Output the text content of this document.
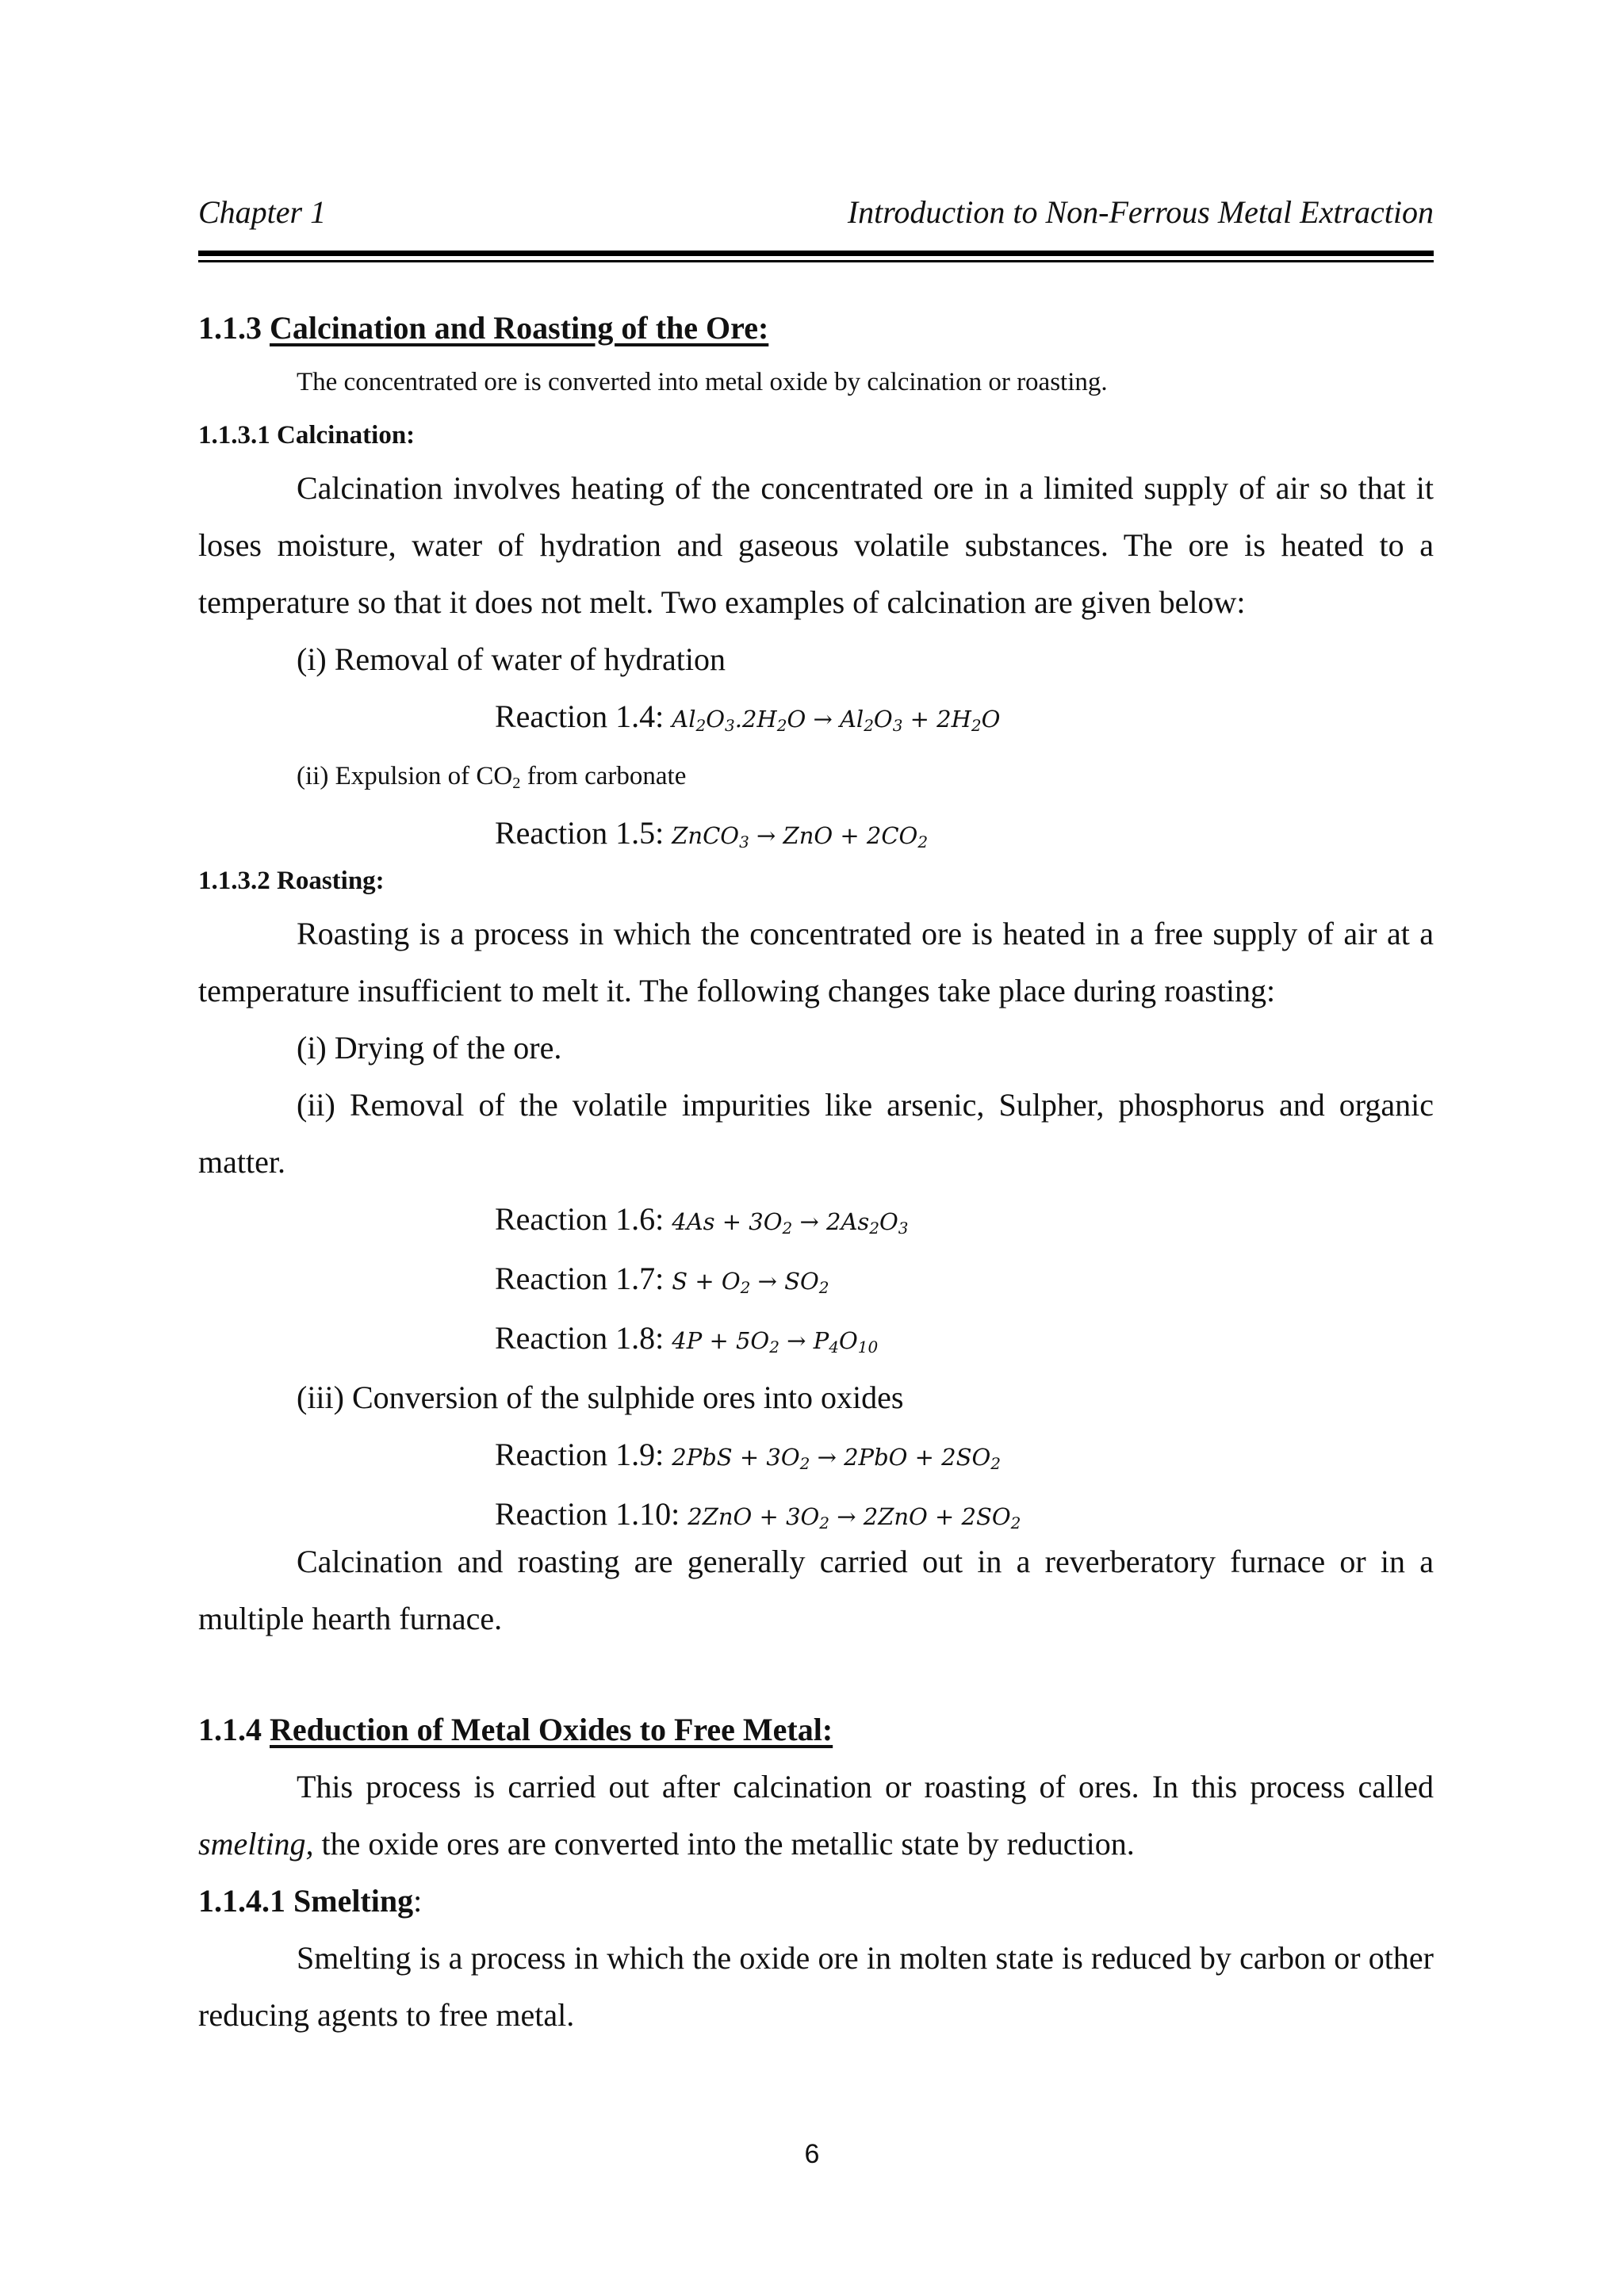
Chapter 1	Introduction to Non-Ferrous Metal Extraction
1.1.3 Calcination and Roasting of the Ore:
The concentrated ore is converted into metal oxide by calcination or roasting.
1.1.3.1 Calcination:
Calcination involves heating of the concentrated ore in a limited supply of air so that it loses moisture, water of hydration and gaseous volatile substances. The ore is heated to a temperature so that it does not melt. Two examples of calcination are given below:
(i) Removal of water of hydration
Reaction 1.4: $Al_2O_3.2H_2O \to Al_2O_3 + 2H_2O$
(ii) Expulsion of $CO_2$ from carbonate
Reaction 1.5: ZnCO$_3$ → ZnO + $2CO_2$
1.1.3.2 Roasting:
Roasting is a process in which the concentrated ore is heated in a free supply of air at a temperature insufficient to melt it. The following changes take place during roasting:
(i) Drying of the ore.
(ii) Removal of the volatile impurities like arsenic, Sulpher, phosphorus and organic
matter.
Reaction 1.6: $4As + 3O_2 \to 2As_2O_3$
Reaction 1.7: $S + O_2 \to SO_2$
Reaction 1.8: $4P + 5O_2 \to P_4O_{10}$
(iii) Conversion of the sulphide ores into oxides
Reaction 1.9: $2PbS + 3O_2 \to 2PbO + 2SO_2$
Reaction 1.10: $2ZnO + 3O_2 \to 2ZnO + 2SO_2$
Calcination and roasting are generally carried out in a reverberatory furnace or in a multiple hearth furnace.
1.1.4 Reduction of Metal Oxides to Free Metal:
This process is carried out after calcination or roasting of ores. In this process called smelting, the oxide ores are converted into the metallic state by reduction.
1.1.4.1 Smelting:
Smelting is a process in which the oxide ore in molten state is reduced by carbon or other reducing agents to free metal.
6
